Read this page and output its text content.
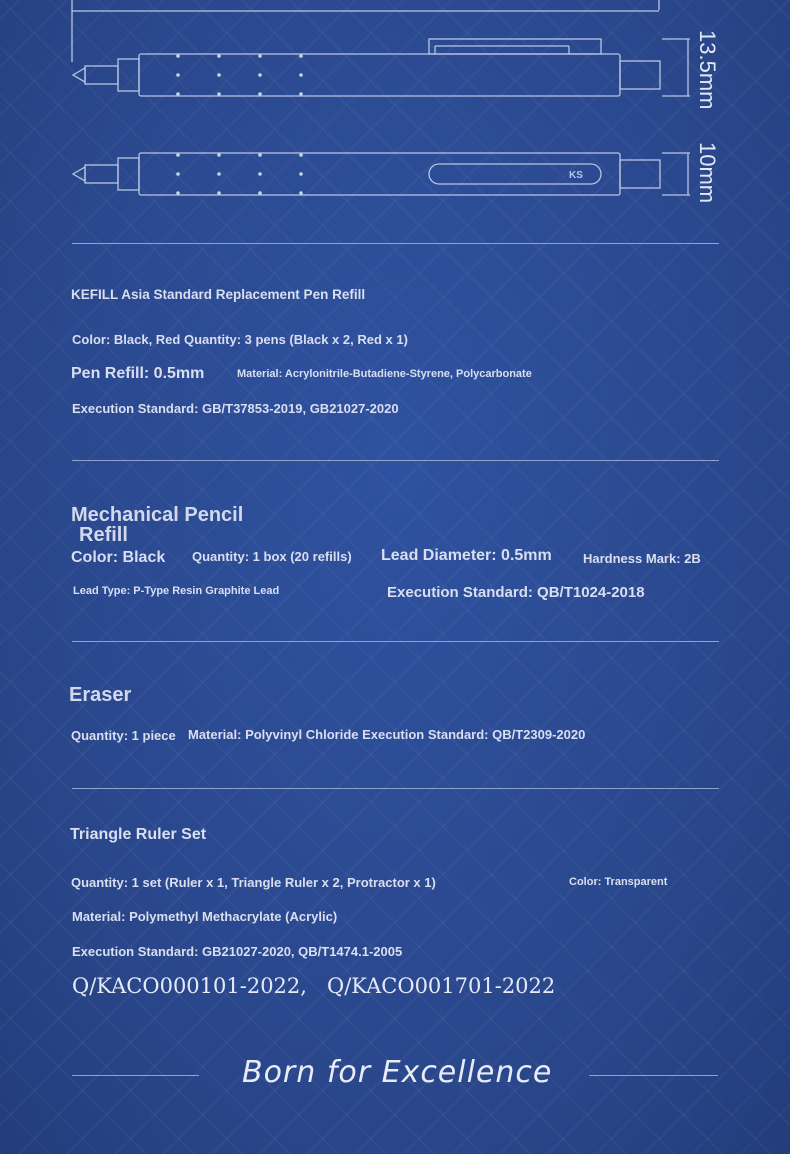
KS
13.5mm
10mm
KEFILL Asia Standard Replacement Pen Refill
Color: Black, Red Quantity: 3 pens (Black x 2, Red x 1)
Pen Refill: 0.5mm	Material: Acrylonitrile-Butadiene-Styrene, Polycarbonate
Execution Standard: GB/T37853-2019, GB21027-2020
Mechanical Pencil
Refill
Color: Black Quantity: 1 box (20 refills) Lead Diameter: 0.5mm Hardness Mark: 2B
Lead Type: P-Type Resin Graphite Lead	Execution Standard: QB/T1024-2018
Eraser
Quantity: 1 piece Material: Polyvinyl Chloride Execution Standard: QB/T2309-2020
Triangle Ruler Set
Quantity: 1 set (Ruler x 1, Triangle Ruler x 2, Protractor x 1)	Color: Transparent
Material: Polymethyl Methacrylate (Acrylic)
Execution Standard: GB21027-2020, QB/T1474.1-2005
Q/KACO000101-2022,   Q/KACO001701-2022
Born for Excellence
